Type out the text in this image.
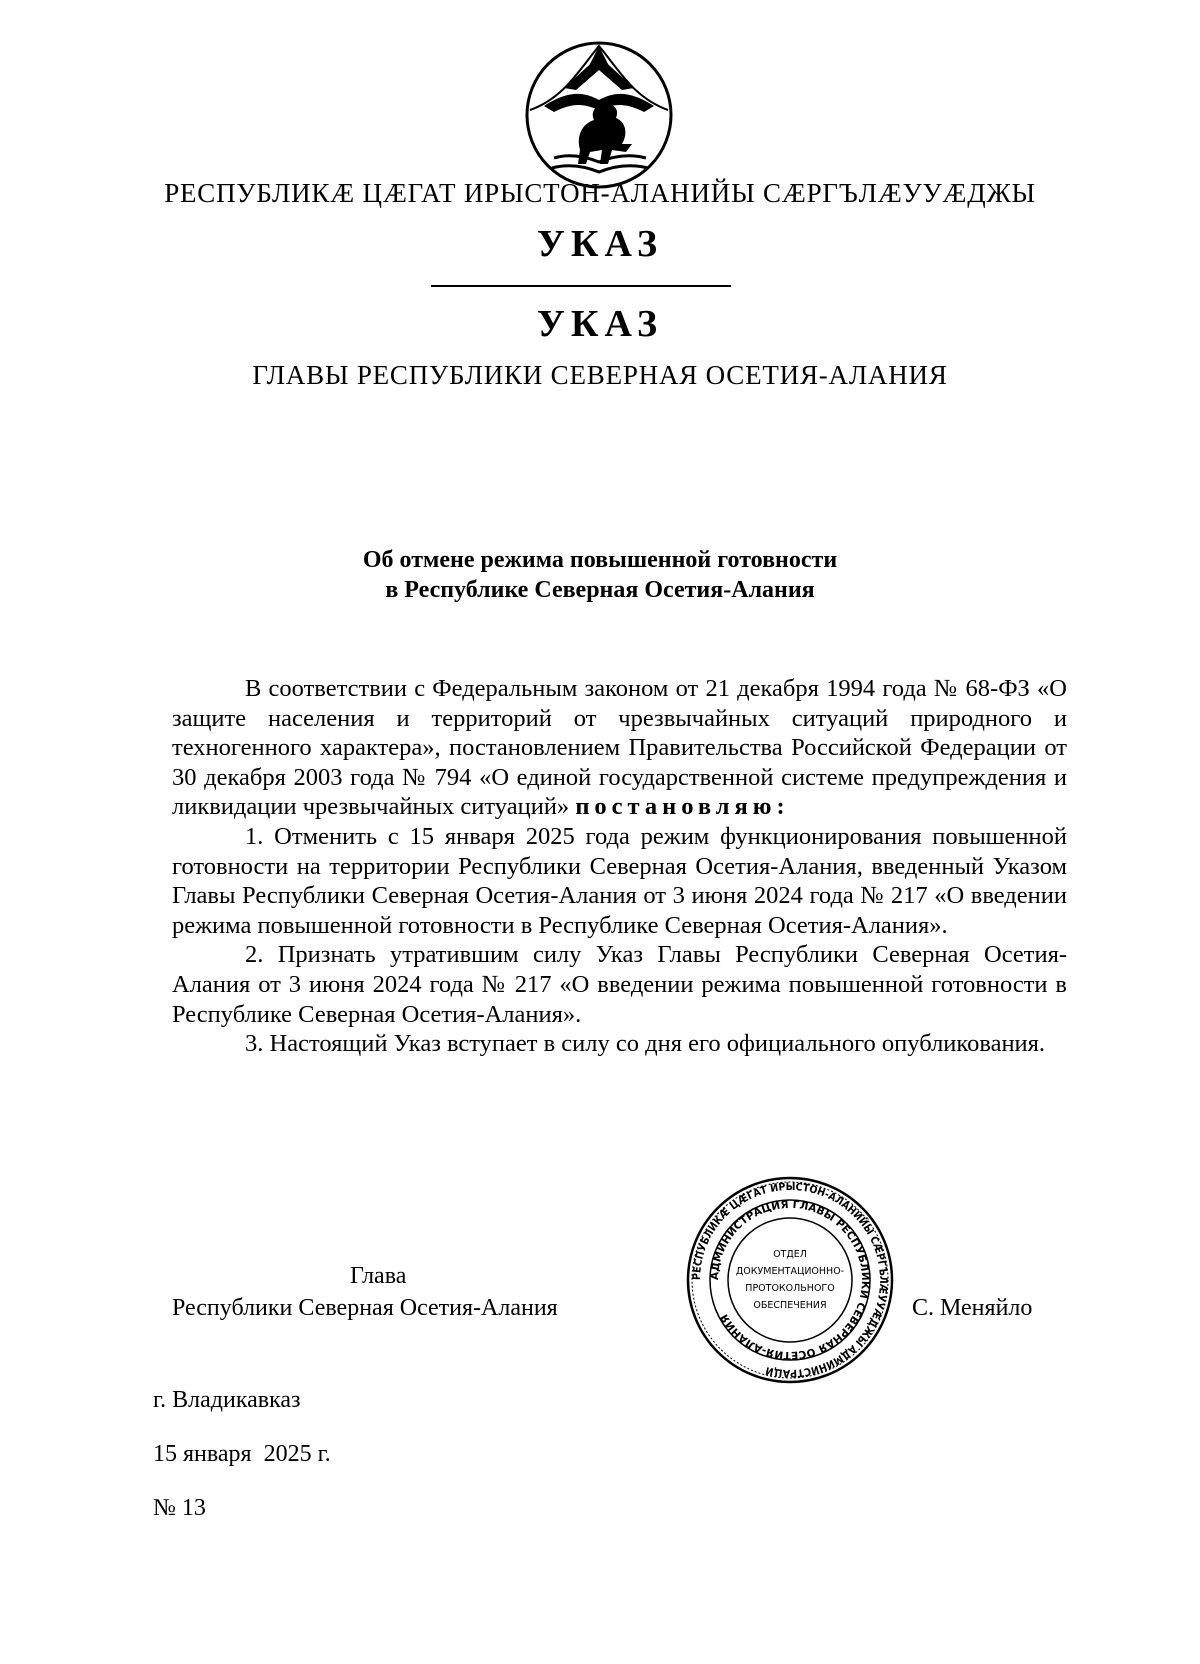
РЕСПУБЛИКÆ ЦÆГАТ ИРЫСТОН-АЛАНИЙЫ СÆРГЪЛÆУУÆДЖЫ
УКАЗ
УКАЗ
ГЛАВЫ РЕСПУБЛИКИ СЕВЕРНАЯ ОСЕТИЯ-АЛАНИЯ
Об отмене режима повышенной готовности
в Республике Северная Осетия-Алания

В соответствии с Федеральным законом от 21 декабря 1994 года № 68-ФЗ «О защите населения и территорий от чрезвычайных ситуаций природного и техногенного характера», постановлением Правительства Российской Федерации от 30 декабря 2003 года № 794 «О единой государственной системе предупреждения и ликвидации чрезвычайных ситуаций» постановляю:

1. Отменить с 15 января 2025 года режим функционирования повышенной готовности на территории Республики Северная Осетия-Алания, введенный Указом Главы Республики Северная Осетия-Алания от 3 июня 2024 года № 217 «О введении режима повышенной готовности в Республике Северная Осетия-Алания».

2. Признать утратившим силу Указ Главы Республики Северная Осетия-Алания от 3 июня 2024 года № 217 «О введении режима повышенной готовности в Республике Северная Осетия-Алания».

3. Настоящий Указ вступает в силу со дня его официального опубликования.

Глава
Республики Северная Осетия-Алания
РЕСПУБЛИКÆ ЦÆГАТ ИРЫСТОН-АЛАНИЙЫ СÆРГЪЛÆУУÆДЖЫ АДМИНИСТРАЦИ
АДМИНИСТРАЦИЯ ГЛАВЫ РЕСПУБЛИКИ СЕВЕРНАЯ ОСЕТИЯ-АЛАНИЯ
ОТДЕЛ
ДОКУМЕНТАЦИОННО-
ПРОТОКОЛЬНОГО
ОБЕСПЕЧЕНИЯ	С. Меняйло
г. Владикавказ
15 января  2025 г.
№ 13
